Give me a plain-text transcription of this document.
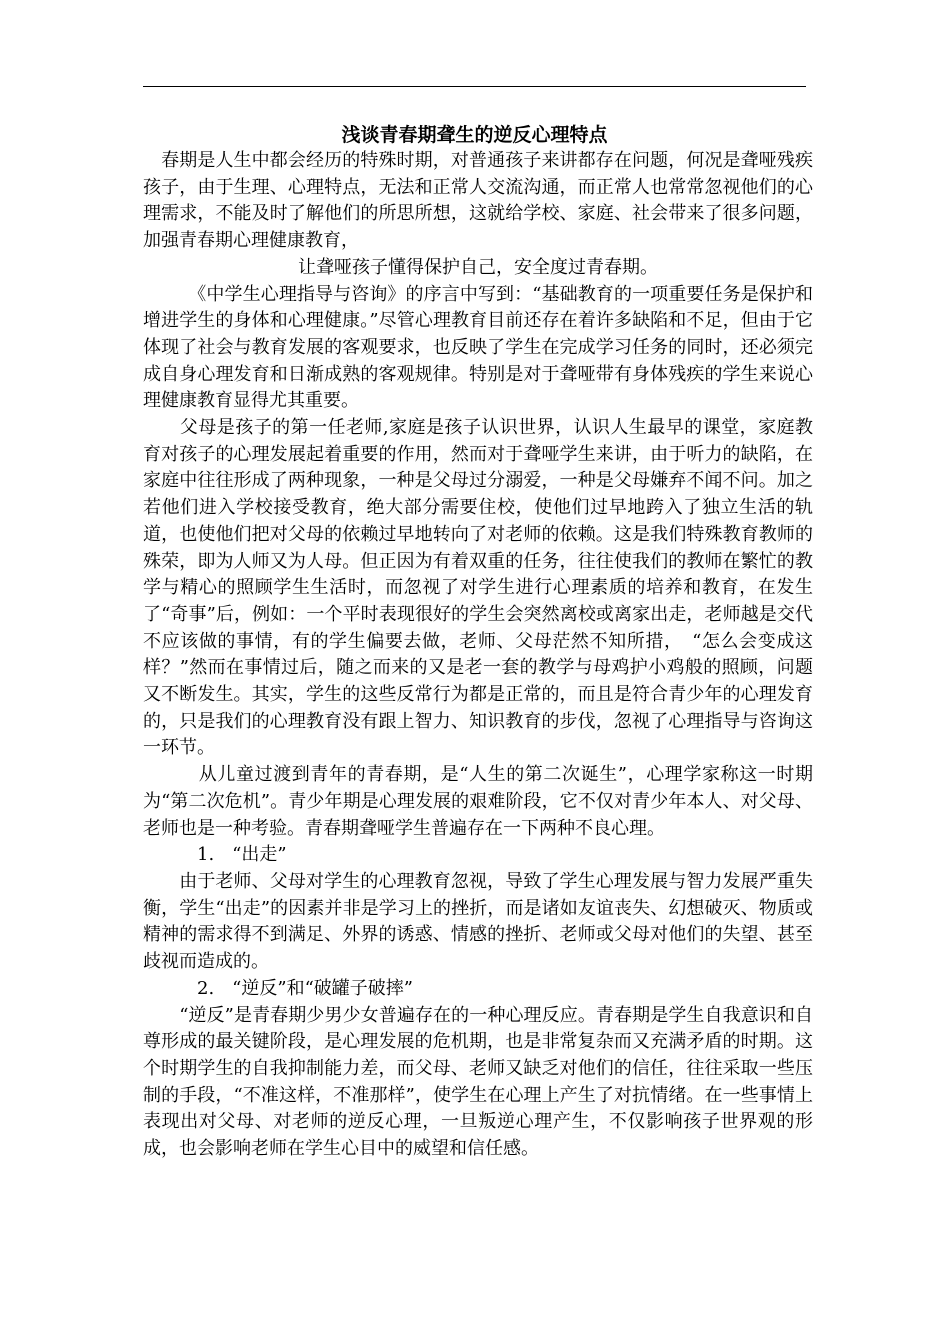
浅谈青春期聋生的逆反心理特点

　春期是人生中都会经历的特殊时期，对普通孩子来讲都存在问题，何况是聋哑残疾孩子，由于生理、心理特点，无法和正常人交流沟通，而正常人也常常忽视他们的心理需求，不能及时了解他们的所思所想，这就给学校、家庭、社会带来了很多问题，加强青春期心理健康教育，

让聋哑孩子懂得保护自己，安全度过青春期。

　　　《中学生心理指导与咨询》的序言中写到：“基础教育的一项重要任务是保护和增进学生的身体和心理健康。”尽管心理教育目前还存在着许多缺陷和不足，但由于它体现了社会与教育发展的客观要求，也反映了学生在完成学习任务的同时，还必须完成自身心理发育和日渐成熟的客观规律。特别是对于聋哑带有身体残疾的学生来说心理健康教育显得尤其重要。

　　父母是孩子的第一任老师,家庭是孩子认识世界，认识人生最早的课堂，家庭教育对孩子的心理发展起着重要的作用，然而对于聋哑学生来讲，由于听力的缺陷，在家庭中往往形成了两种现象，一种是父母过分溺爱，一种是父母嫌弃不闻不问。加之若他们进入学校接受教育，绝大部分需要住校，使他们过早地跨入了独立生活的轨道，也使他们把对父母的依赖过早地转向了对老师的依赖。这是我们特殊教育教师的殊荣，即为人师又为人母。但正因为有着双重的任务，往往使我们的教师在繁忙的教学与精心的照顾学生生活时，而忽视了对学生进行心理素质的培养和教育，在发生了“奇事”后，例如：一个平时表现很好的学生会突然离校或离家出走，老师越是交代不应该做的事情，有的学生偏要去做，老师、父母茫然不知所措，　“怎么会变成这样？”然而在事情过后，随之而来的又是老一套的教学与母鸡护小鸡般的照顾，问题又不断发生。其实，学生的这些反常行为都是正常的，而且是符合青少年的心理发育的，只是我们的心理教育没有跟上智力、知识教育的步伐，忽视了心理指导与咨询这一环节。

　　　从儿童过渡到青年的青春期，是“人生的第二次诞生”，心理学家称这一时期为“第二次危机”。青少年期是心理发展的艰难阶段，它不仅对青少年本人、对父母、老师也是一种考验。青春期聋哑学生普遍存在一下两种不良心理。

　　　1.　“出走”

　　由于老师、父母对学生的心理教育忽视，导致了学生心理发展与智力发展严重失衡，学生“出走”的因素并非是学习上的挫折，而是诸如友谊丧失、幻想破灭、物质或精神的需求得不到满足、外界的诱惑、情感的挫折、老师或父母对他们的失望、甚至歧视而造成的。

　　　2.　“逆反”和“破罐子破摔”

　　“逆反”是青春期少男少女普遍存在的一种心理反应。青春期是学生自我意识和自尊形成的最关键阶段，是心理发展的危机期，也是非常复杂而又充满矛盾的时期。这个时期学生的自我抑制能力差，而父母、老师又缺乏对他们的信任，往往采取一些压制的手段，“不准这样，不准那样”，使学生在心理上产生了对抗情绪。在一些事情上表现出对父母、对老师的逆反心理，一旦叛逆心理产生，不仅影响孩子世界观的形成，也会影响老师在学生心目中的威望和信任感。
